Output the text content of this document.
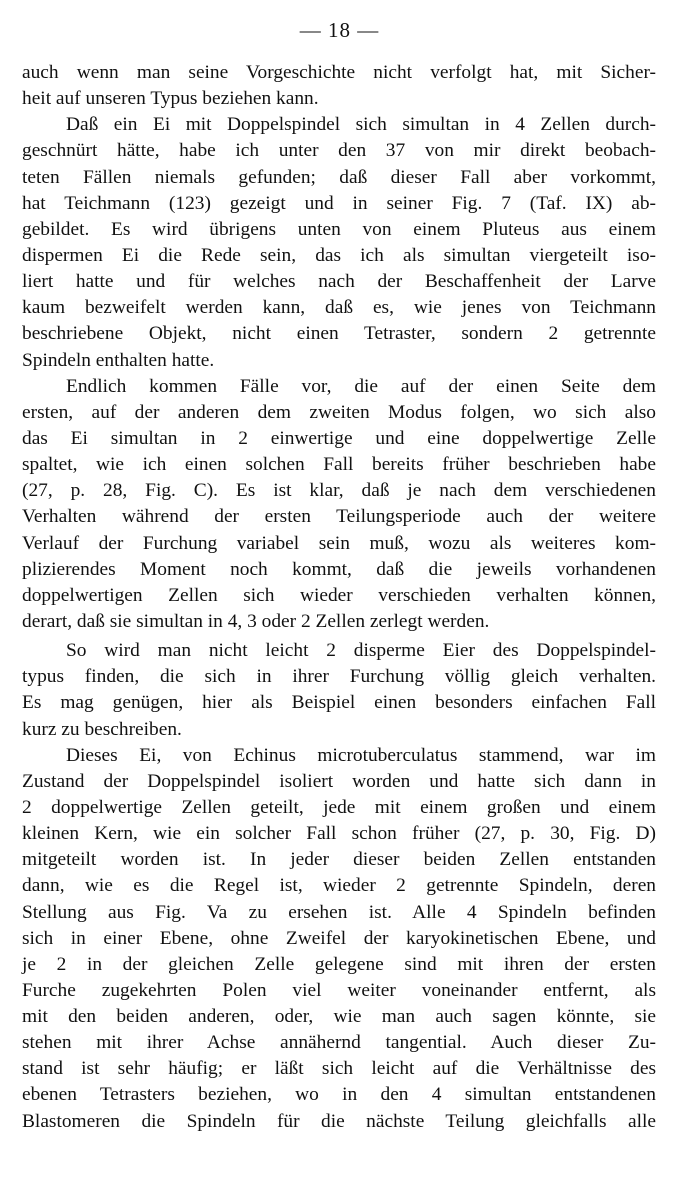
— 18 —
auch wenn man seine Vorgeschichte nicht verfolgt hat, mit Sicher-
heit auf unseren Typus beziehen kann.
Daß ein Ei mit Doppelspindel sich simultan in 4 Zellen durch-
geschnürt hätte, habe ich unter den 37 von mir direkt beobach-
teten Fällen niemals gefunden; daß dieser Fall aber vorkommt,
hat Teichmann (123) gezeigt und in seiner Fig. 7 (Taf. IX) ab-
gebildet. Es wird übrigens unten von einem Pluteus aus einem
dispermen Ei die Rede sein, das ich als simultan viergeteilt iso-
liert hatte und für welches nach der Beschaffenheit der Larve
kaum bezweifelt werden kann, daß es, wie jenes von Teichmann
beschriebene Objekt, nicht einen Tetraster, sondern 2 getrennte
Spindeln enthalten hatte.
Endlich kommen Fälle vor, die auf der einen Seite dem
ersten, auf der anderen dem zweiten Modus folgen, wo sich also
das Ei simultan in 2 einwertige und eine doppelwertige Zelle
spaltet, wie ich einen solchen Fall bereits früher beschrieben habe
(27, p. 28, Fig. C). Es ist klar, daß je nach dem verschiedenen
Verhalten während der ersten Teilungsperiode auch der weitere
Verlauf der Furchung variabel sein muß, wozu als weiteres kom-
plizierendes Moment noch kommt, daß die jeweils vorhandenen
doppelwertigen Zellen sich wieder verschieden verhalten können,
derart, daß sie simultan in 4, 3 oder 2 Zellen zerlegt werden.
So wird man nicht leicht 2 disperme Eier des Doppelspindel-
typus finden, die sich in ihrer Furchung völlig gleich verhalten.
Es mag genügen, hier als Beispiel einen besonders einfachen Fall
kurz zu beschreiben.
Dieses Ei, von Echinus microtuberculatus stammend, war im
Zustand der Doppelspindel isoliert worden und hatte sich dann in
2 doppelwertige Zellen geteilt, jede mit einem großen und einem
kleinen Kern, wie ein solcher Fall schon früher (27, p. 30, Fig. D)
mitgeteilt worden ist. In jeder dieser beiden Zellen entstanden
dann, wie es die Regel ist, wieder 2 getrennte Spindeln, deren
Stellung aus Fig. Va zu ersehen ist. Alle 4 Spindeln befinden
sich in einer Ebene, ohne Zweifel der karyokinetischen Ebene, und
je 2 in der gleichen Zelle gelegene sind mit ihren der ersten
Furche zugekehrten Polen viel weiter voneinander entfernt, als
mit den beiden anderen, oder, wie man auch sagen könnte, sie
stehen mit ihrer Achse annähernd tangential. Auch dieser Zu-
stand ist sehr häufig; er läßt sich leicht auf die Verhältnisse des
ebenen Tetrasters beziehen, wo in den 4 simultan entstandenen
Blastomeren die Spindeln für die nächste Teilung gleichfalls alle
